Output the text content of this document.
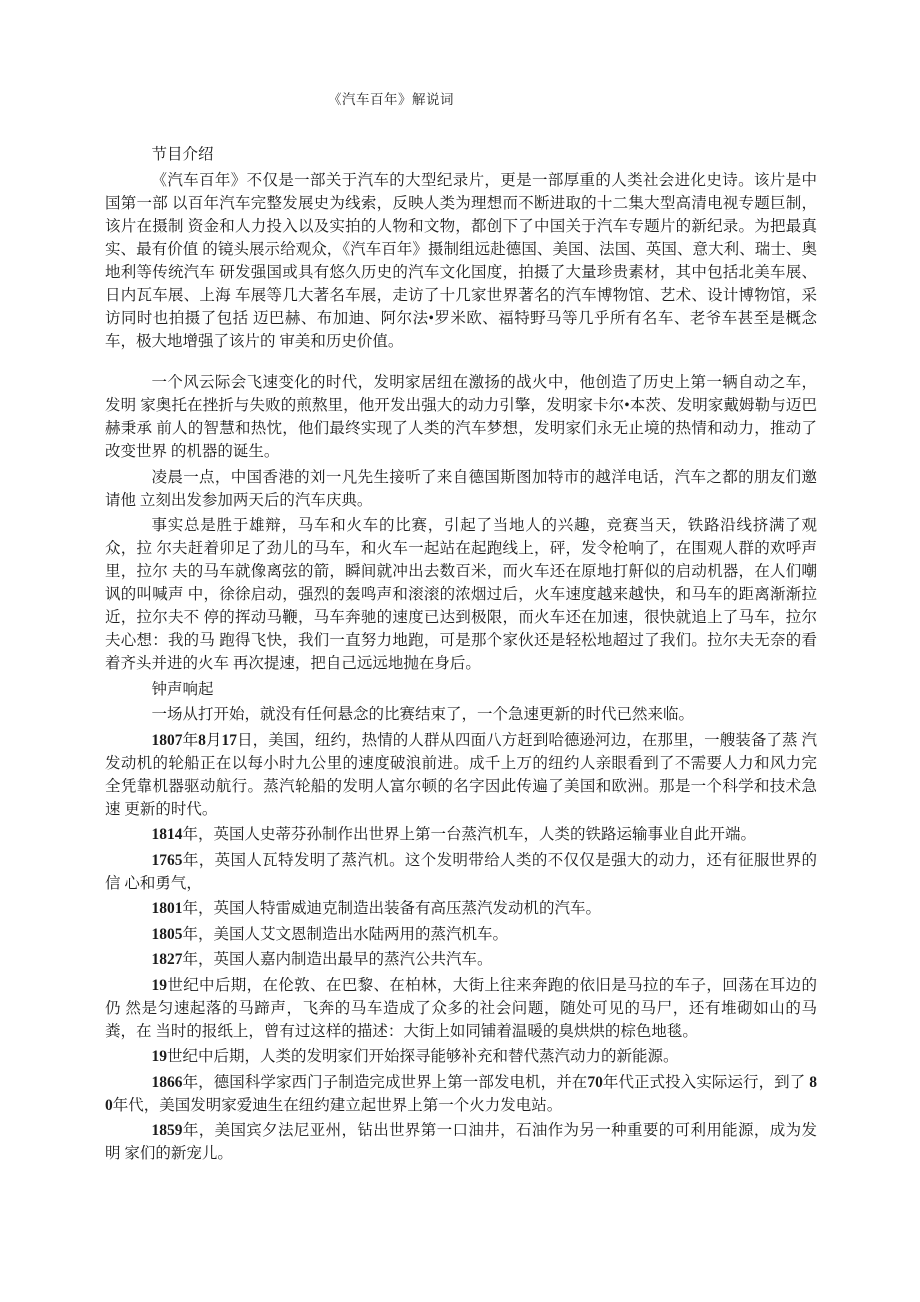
《汽车百年》解说词

节目介绍

《汽车百年》不仅是一部关于汽车的大型纪录片，更是一部厚重的人类社会进化史诗。该片是中国第一部 以百年汽车完整发展史为线索，反映人类为理想而不断进取的十二集大型高清电视专题巨制，该片在摄制 资金和人力投入以及实拍的人物和文物，都创下了中国关于汽车专题片的新纪录。为把最真实、最有价值 的镜头展示给观众，《汽车百年》摄制组远赴德国、美国、法国、英国、意大利、瑞士、奥地利等传统汽车 研发强国或具有悠久历史的汽车文化国度，拍摄了大量珍贵素材，其中包括北美车展、日内瓦车展、上海 车展等几大著名车展，走访了十几家世界著名的汽车博物馆、艺术、设计博物馆，采访同时也拍摄了包括 迈巴赫、布加迪、阿尔法•罗米欧、福特野马等几乎所有名车、老爷车甚至是概念车，极大地增强了该片的 审美和历史价值。

一个风云际会飞速变化的时代，发明家居纽在激扬的战火中，他创造了历史上第一辆自动之车，发明 家奥托在挫折与失败的煎熬里，他开发出强大的动力引擎，发明家卡尔•本茨、发明家戴姆勒与迈巴赫秉承 前人的智慧和热忱，他们最终实现了人类的汽车梦想，发明家们永无止境的热情和动力，推动了改变世界 的机器的诞生。

凌晨一点，中国香港的刘一凡先生接听了来自德国斯图加特市的越洋电话，汽车之都的朋友们邀请他 立刻出发参加两天后的汽车庆典。

事实总是胜于雄辩，马车和火车的比赛，引起了当地人的兴趣，竞赛当天，铁路沿线挤满了观众，拉 尔夫赶着卯足了劲儿的马车，和火车一起站在起跑线上，砰，发令枪响了，在围观人群的欢呼声里，拉尔 夫的马车就像离弦的箭，瞬间就冲出去数百米，而火车还在原地打鼾似的启动机器，在人们嘲讽的叫喊声 中，徐徐启动，强烈的轰鸣声和滚滚的浓烟过后，火车速度越来越快，和马车的距离渐渐拉近，拉尔夫不 停的挥动马鞭，马车奔驰的速度已达到极限，而火车还在加速，很快就追上了马车，拉尔夫心想：我的马 跑得飞快，我们一直努力地跑，可是那个家伙还是轻松地超过了我们。拉尔夫无奈的看着齐头并进的火车 再次提速，把自己远远地抛在身后。

钟声响起

一场从打开始，就没有任何悬念的比赛结束了，一个急速更新的时代已然来临。

1807年8月17日，美国，纽约，热情的人群从四面八方赶到哈德逊河边，在那里，一艘装备了蒸 汽发动机的轮船正在以每小时九公里的速度破浪前进。成千上万的纽约人亲眼看到了不需要人力和风力完 全凭靠机器驱动航行。蒸汽轮船的发明人富尔顿的名字因此传遍了美国和欧洲。那是一个科学和技术急速 更新的时代。

1814年，英国人史蒂芬孙制作出世界上第一台蒸汽机车，人类的铁路运输事业自此开端。

1765年，英国人瓦特发明了蒸汽机。这个发明带给人类的不仅仅是强大的动力，还有征服世界的信 心和勇气，

1801年，英国人特雷威迪克制造出装备有高压蒸汽发动机的汽车。

1805年，美国人艾文恩制造出水陆两用的蒸汽机车。

1827年，英国人嘉内制造出最早的蒸汽公共汽车。

19世纪中后期，在伦敦、在巴黎、在柏林，大街上往来奔跑的依旧是马拉的车子，回荡在耳边的仍 然是匀速起落的马蹄声，飞奔的马车造成了众多的社会问题，随处可见的马尸，还有堆砌如山的马粪，在 当时的报纸上，曾有过这样的描述：大街上如同铺着温暖的臭烘烘的棕色地毯。

19世纪中后期，人类的发明家们开始探寻能够补充和替代蒸汽动力的新能源。

1866年，德国科学家西门子制造完成世界上第一部发电机，并在70年代正式投入实际运行，到了 80年代，美国发明家爱迪生在纽约建立起世界上第一个火力发电站。

1859年，美国宾夕法尼亚州，钻出世界第一口油井，石油作为另一种重要的可利用能源，成为发明 家们的新宠儿。
